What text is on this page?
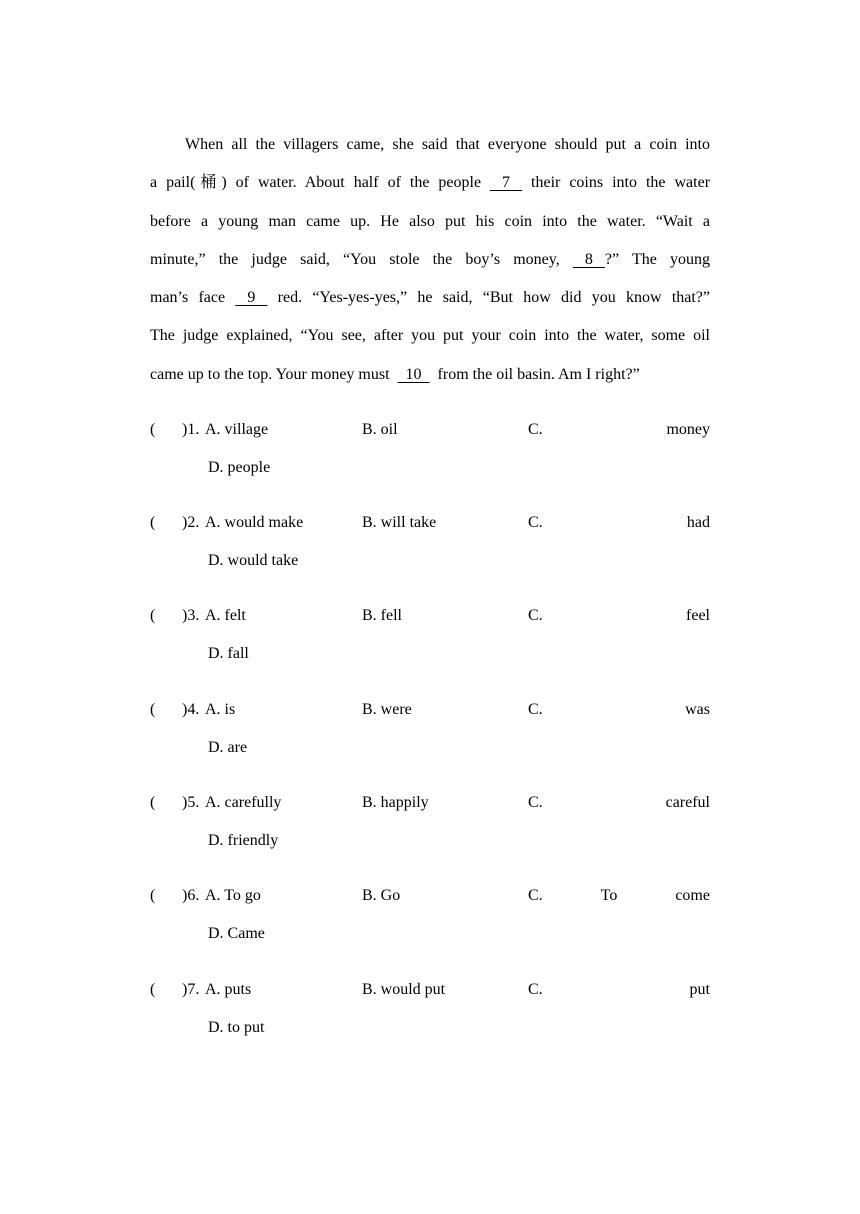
When all the villagers came, she said that everyone should put a coin into
a pail(桶) of water. About half of the people    7    their coins into the water
before a young man came up. He also put his coin into the water. “Wait a
minute,” the judge said, “You stole the boy’s money,    8   ?” The young
man’s face    9    red. “Yes-yes-yes,” he said, “But how did you know that?”
The judge explained, “You see, after you put your coin into the water, some oil
came up to the top. Your money must    10    from the oil basin. Am I right?”
( )1. A. village	B. oil	C.	money
D. people
( )2. A. would make	B. will take	C.	had
D. would take
( )3. A. felt	B. fell	C.	feel
D. fall
( )4. A. is	B. were	C.	was
D. are
( )5. A. carefully	B. happily	C.	careful
D. friendly
( )6. A. To go	B. Go	C.	To	come
D. Came
( )7. A. puts	B. would put	C.	put
D. to put
